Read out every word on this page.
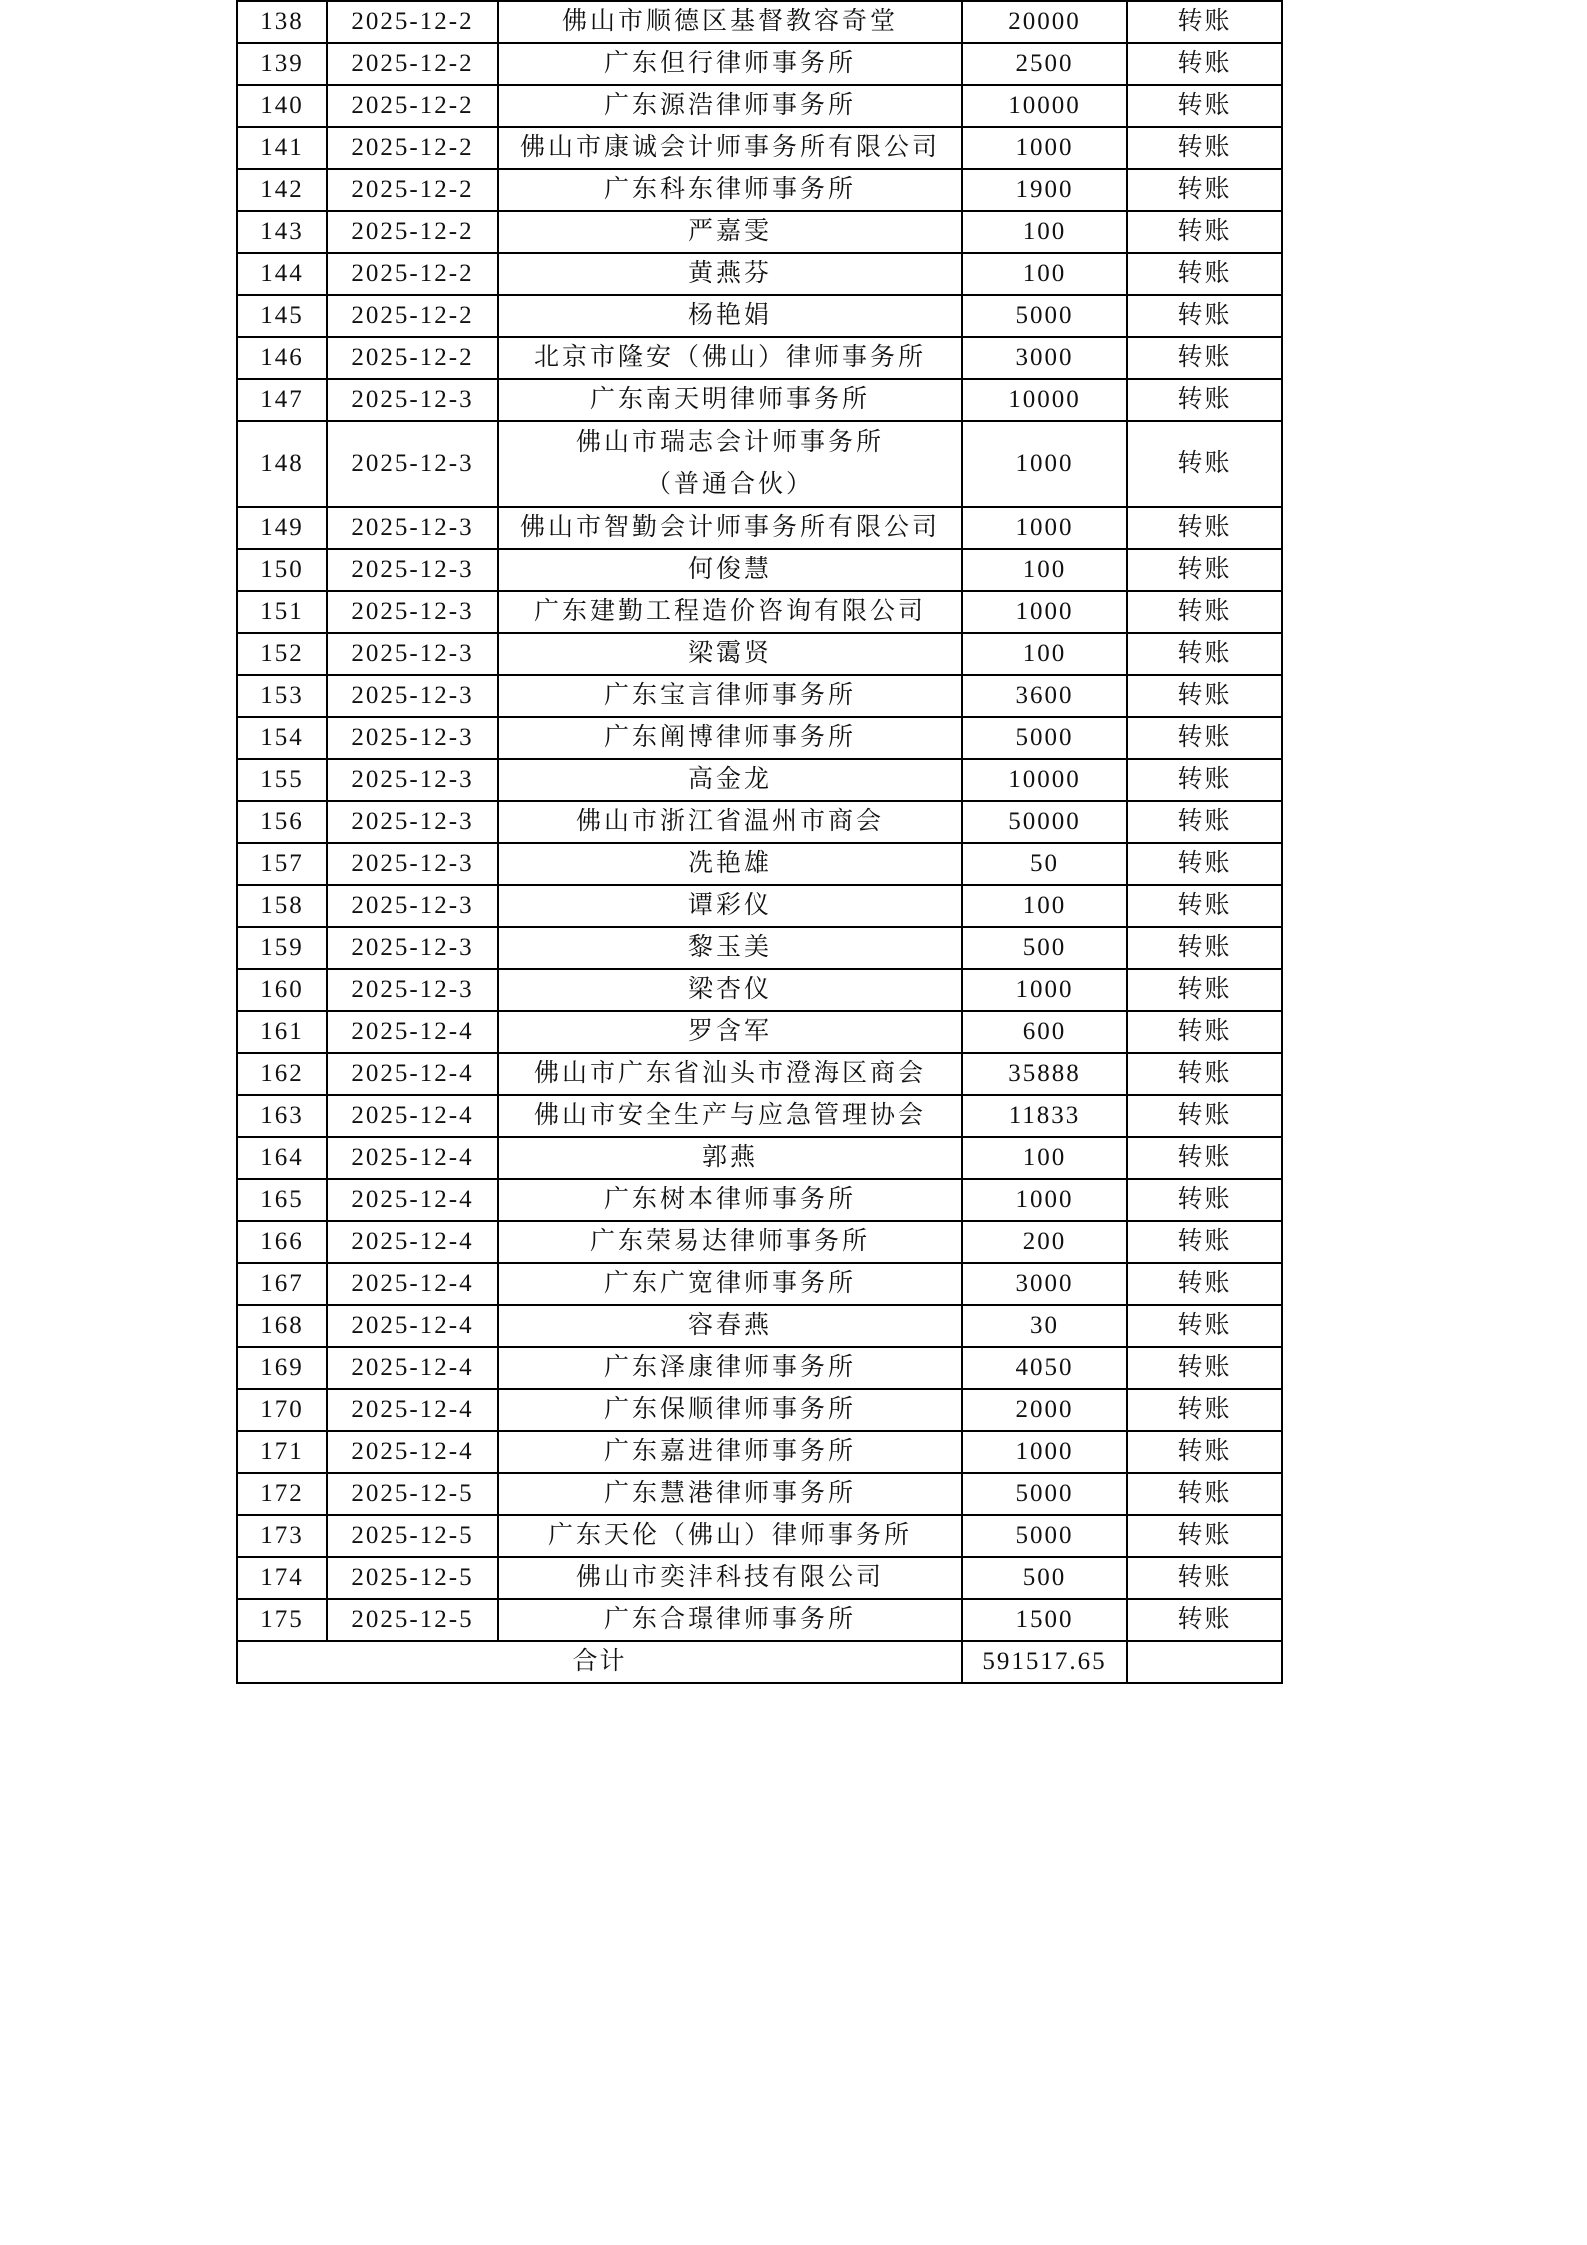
138	2025-12-2	佛山市顺德区基督教容奇堂	20000	转账
139	2025-12-2	广东但行律师事务所	2500	转账
140	2025-12-2	广东源浩律师事务所	10000	转账
141	2025-12-2	佛山市康诚会计师事务所有限公司	1000	转账
142	2025-12-2	广东科东律师事务所	1900	转账
143	2025-12-2	严嘉雯	100	转账
144	2025-12-2	黄燕芬	100	转账
145	2025-12-2	杨艳娟	5000	转账
146	2025-12-2	北京市隆安（佛山）律师事务所	3000	转账
147	2025-12-3	广东南天明律师事务所	10000	转账
148	2025-12-3	佛山市瑞志会计师事务所
（普通合伙）	1000	转账
149	2025-12-3	佛山市智勤会计师事务所有限公司	1000	转账
150	2025-12-3	何俊慧	100	转账
151	2025-12-3	广东建勤工程造价咨询有限公司	1000	转账
152	2025-12-3	梁霭贤	100	转账
153	2025-12-3	广东宝言律师事务所	3600	转账
154	2025-12-3	广东阐博律师事务所	5000	转账
155	2025-12-3	高金龙	10000	转账
156	2025-12-3	佛山市浙江省温州市商会	50000	转账
157	2025-12-3	冼艳雄	50	转账
158	2025-12-3	谭彩仪	100	转账
159	2025-12-3	黎玉美	500	转账
160	2025-12-3	梁杏仪	1000	转账
161	2025-12-4	罗含军	600	转账
162	2025-12-4	佛山市广东省汕头市澄海区商会	35888	转账
163	2025-12-4	佛山市安全生产与应急管理协会	11833	转账
164	2025-12-4	郭燕	100	转账
165	2025-12-4	广东树本律师事务所	1000	转账
166	2025-12-4	广东荣易达律师事务所	200	转账
167	2025-12-4	广东广宽律师事务所	3000	转账
168	2025-12-4	容春燕	30	转账
169	2025-12-4	广东泽康律师事务所	4050	转账
170	2025-12-4	广东保顺律师事务所	2000	转账
171	2025-12-4	广东嘉进律师事务所	1000	转账
172	2025-12-5	广东慧港律师事务所	5000	转账
173	2025-12-5	广东天伦（佛山）律师事务所	5000	转账
174	2025-12-5	佛山市奕沣科技有限公司	500	转账
175	2025-12-5	广东合璟律师事务所	1500	转账
合计			591517.65	
